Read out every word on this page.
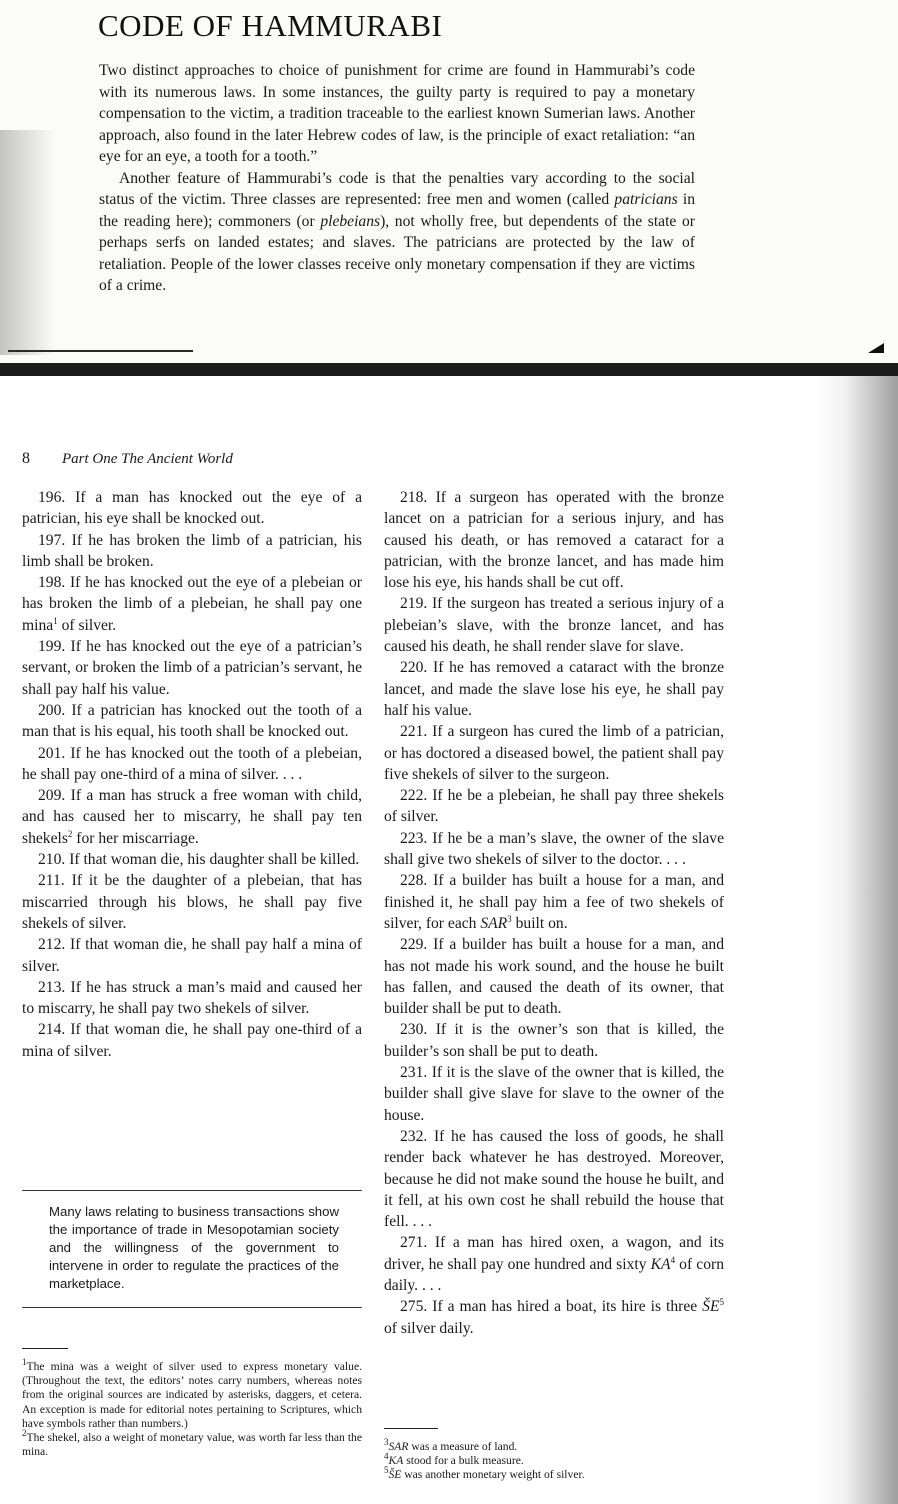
CODE OF HAMMURABI

Two distinct approaches to choice of punishment for crime are found in Hammurabi’s code with its numerous laws. In some instances, the guilty party is required to pay a monetary compensation to the victim, a tradition traceable to the earliest known Sumerian laws. Another approach, also found in the later Hebrew codes of law, is the principle of exact retaliation: “an eye for an eye, a tooth for a tooth.”

Another feature of Hammurabi’s code is that the penalties vary according to the social status of the victim. Three classes are represented: free men and women (called patricians in the reading here); commoners (or plebeians), not wholly free, but dependents of the state or perhaps serfs on landed estates; and slaves. The patricians are protected by the law of retaliation. People of the lower classes receive only monetary compensation if they are victims of a crime.

8 Part One The Ancient World

196. If a man has knocked out the eye of a patrician, his eye shall be knocked out.

197. If he has broken the limb of a patrician, his limb shall be broken.

198. If he has knocked out the eye of a plebeian or has broken the limb of a plebeian, he shall pay one mina$^1$ of silver.

199. If he has knocked out the eye of a patrician’s servant, or broken the limb of a patrician’s servant, he shall pay half his value.

200. If a patrician has knocked out the tooth of a man that is his equal, his tooth shall be knocked out.

201. If he has knocked out the tooth of a plebeian, he shall pay one-third of a mina of silver. . . .

209. If a man has struck a free woman with child, and has caused her to miscarry, he shall pay ten shekels$^2$ for her miscarriage.

210. If that woman die, his daughter shall be killed.

211. If it be the daughter of a plebeian, that has miscarried through his blows, he shall pay five shekels of silver.

212. If that woman die, he shall pay half a mina of silver.

213. If he has struck a man’s maid and caused her to miscarry, he shall pay two shekels of silver.

214. If that woman die, he shall pay one-third of a mina of silver.

Many laws relating to business transactions show the importance of trade in Mesopotamian society and the willingness of the government to intervene in order to regulate the practices of the marketplace.

218. If a surgeon has operated with the bronze lancet on a patrician for a serious injury, and has caused his death, or has removed a cataract for a patrician, with the bronze lancet, and has made him lose his eye, his hands shall be cut off.

219. If the surgeon has treated a serious injury of a plebeian’s slave, with the bronze lancet, and has caused his death, he shall render slave for slave.

220. If he has removed a cataract with the bronze lancet, and made the slave lose his eye, he shall pay half his value.

221. If a surgeon has cured the limb of a patrician, or has doctored a diseased bowel, the patient shall pay five shekels of silver to the surgeon.

222. If he be a plebeian, he shall pay three shekels of silver.

223. If he be a man’s slave, the owner of the slave shall give two shekels of silver to the doctor. . . .

228. If a builder has built a house for a man, and finished it, he shall pay him a fee of two shekels of silver, for each SAR$^3$ built on.

229. If a builder has built a house for a man, and has not made his work sound, and the house he built has fallen, and caused the death of its owner, that builder shall be put to death.

230. If it is the owner’s son that is killed, the builder’s son shall be put to death.

231. If it is the slave of the owner that is killed, the builder shall give slave for slave to the owner of the house.

232. If he has caused the loss of goods, he shall render back whatever he has destroyed. Moreover, because he did not make sound the house he built, and it fell, at his own cost he shall rebuild the house that fell. . . .

271. If a man has hired oxen, a wagon, and its driver, he shall pay one hundred and sixty $KA^4$ of corn daily. . . .

275. If a man has hired a boat, its hire is three $ŠE^5$ of silver daily.

$^1$The mina was a weight of silver used to express monetary value. (Throughout the text, the editors’ notes carry numbers, whereas notes from the original sources are indicated by asterisks, daggers, et cetera. An exception is made for editorial notes pertaining to Scriptures, which have symbols rather than numbers.)

$^2$The shekel, also a weight of monetary value, was worth far less than the mina.

$^3$SAR was a measure of land.

$^4$KA stood for a bulk measure.

$^5$ŠE was another monetary weight of silver.
